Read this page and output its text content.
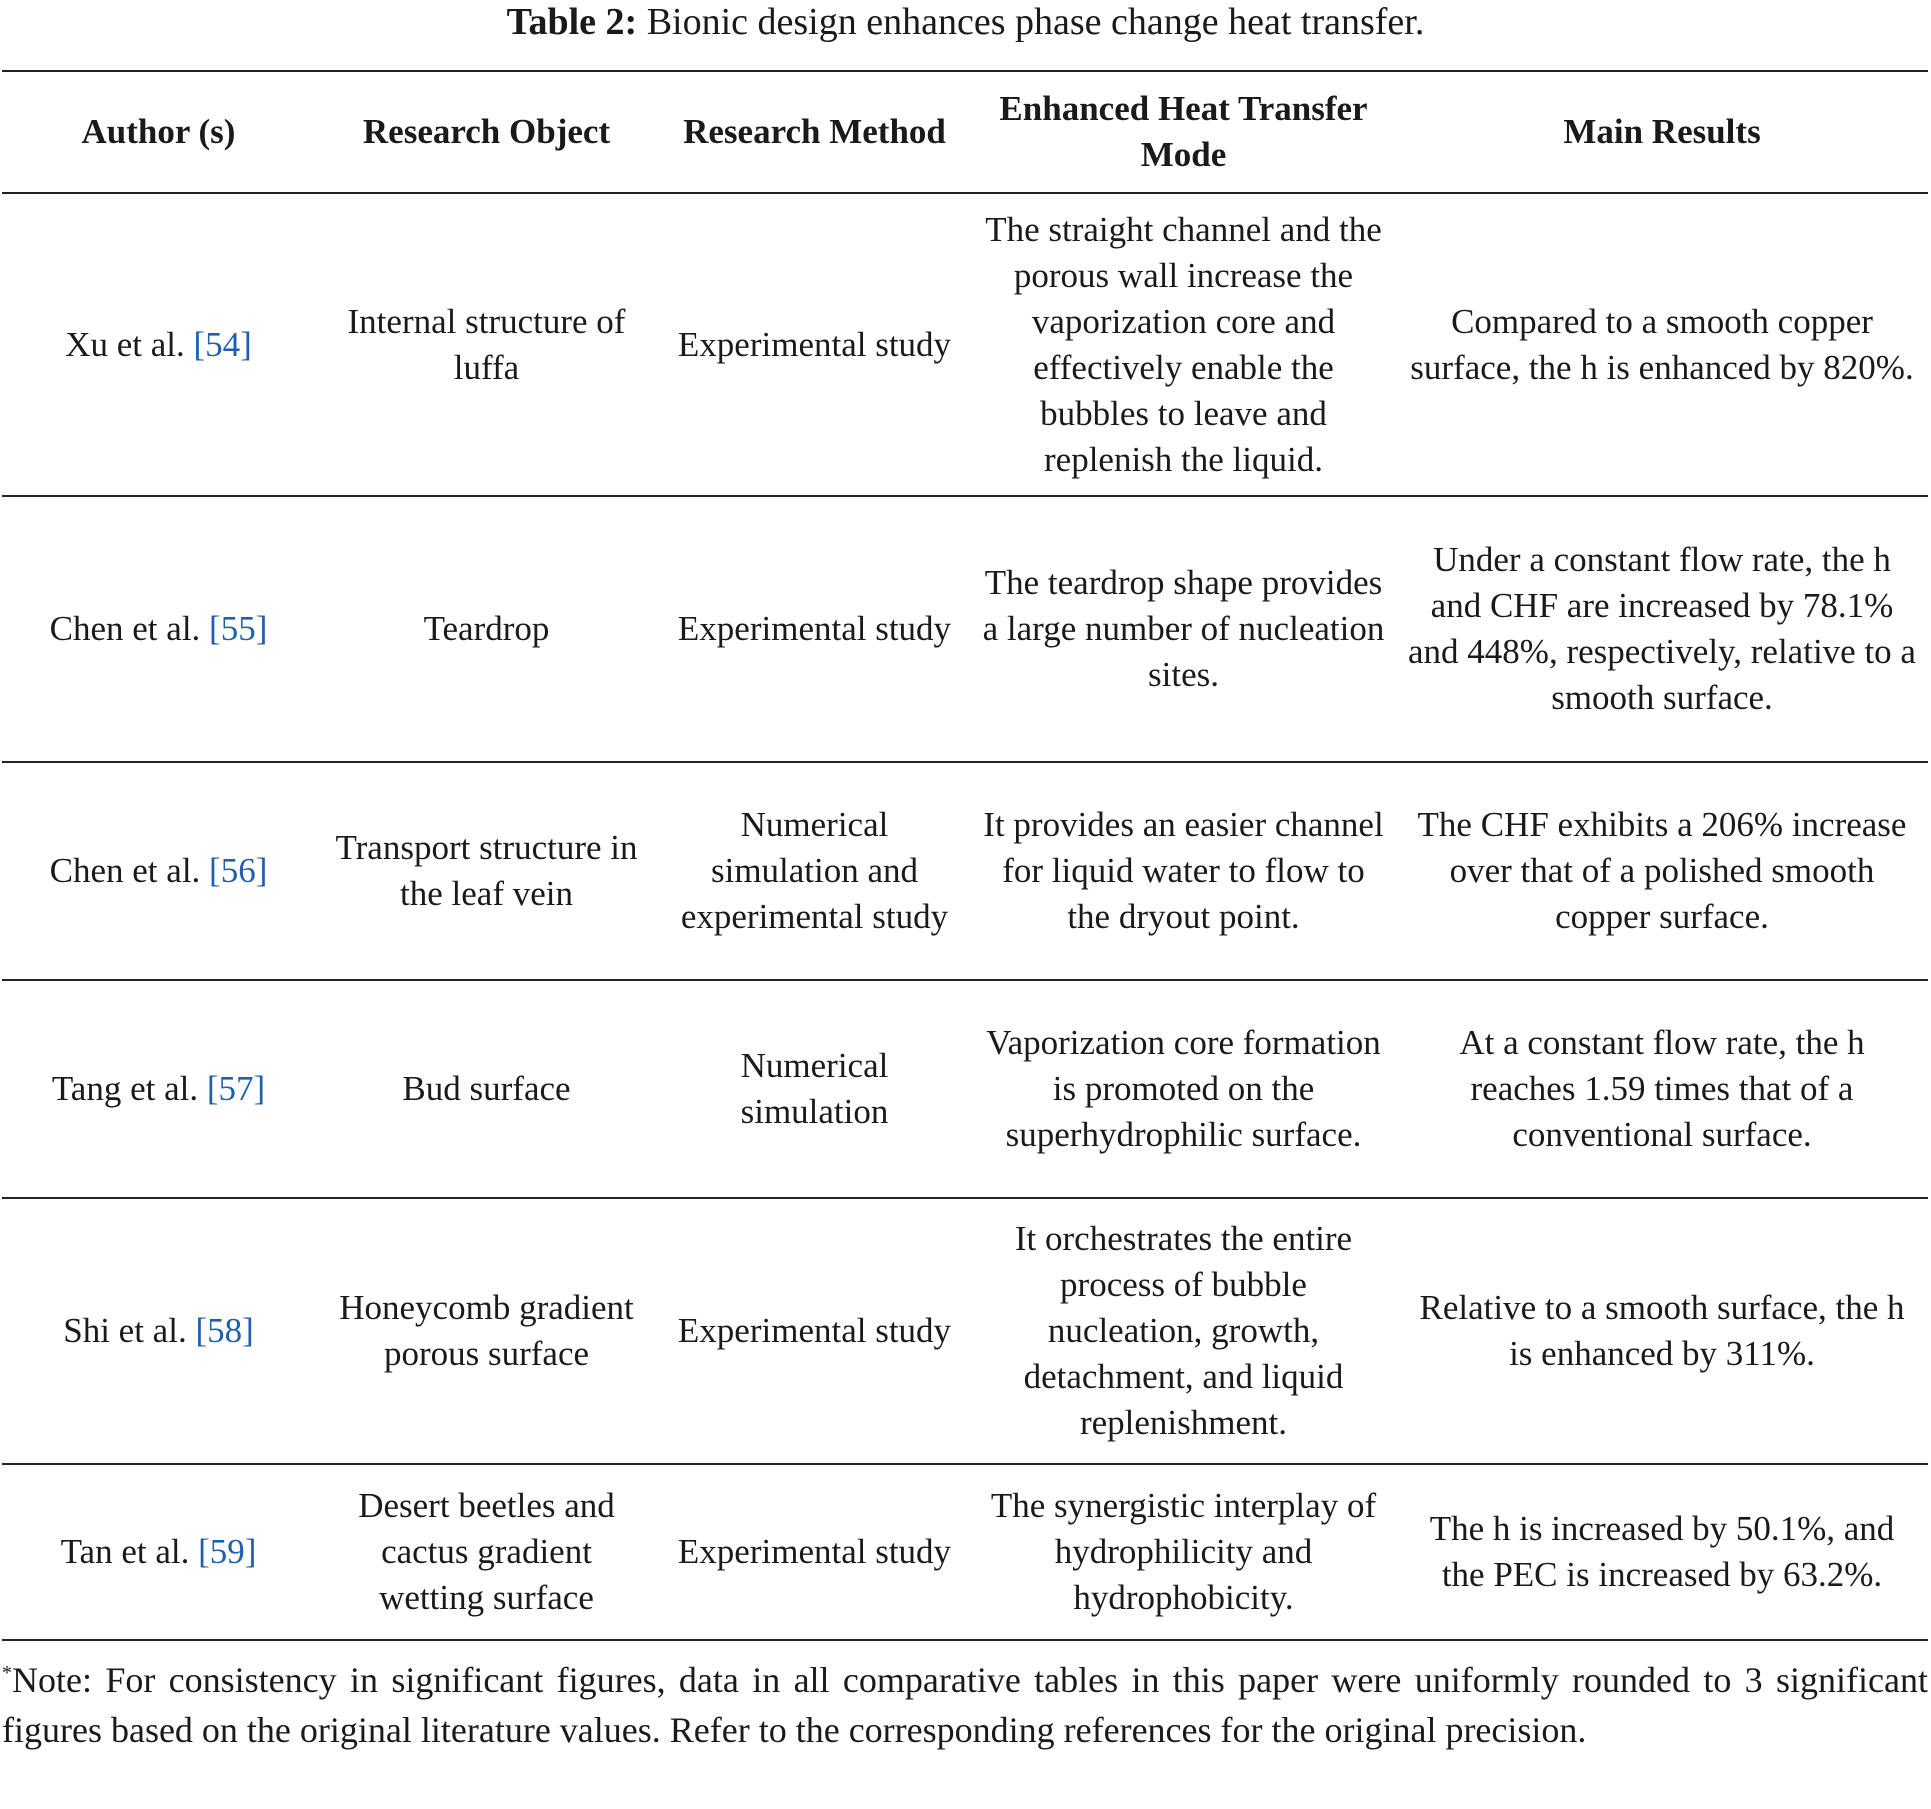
Table 2: Bionic design enhances phase change heat transfer.
Author (s)	Research Object	Research Method	Enhanced Heat Transfer Mode	Main Results
Xu et al. [54]	Internal structure of luffa	Experimental study	The straight channel and the porous wall increase the vaporization core and effectively enable the bubbles to leave and replenish the liquid.	Compared to a smooth copper surface, the h is enhanced by 820%.
Chen et al. [55]	Teardrop	Experimental study	The teardrop shape provides a large number of nucleation sites.	Under a constant flow rate, the h and CHF are increased by 78.1% and 448%, respectively, relative to a smooth surface.
Chen et al. [56]	Transport structure in the leaf vein	Numerical simulation and experimental study	It provides an easier channel for liquid water to flow to the dryout point.	The CHF exhibits a 206% increase over that of a polished smooth copper surface.
Tang et al. [57]	Bud surface	Numerical simulation	Vaporization core formation is promoted on the superhydrophilic surface.	At a constant flow rate, the h reaches 1.59 times that of a conventional surface.
Shi et al. [58]	Honeycomb gradient porous surface	Experimental study	It orchestrates the entire process of bubble nucleation, growth, detachment, and liquid replenishment.	Relative to a smooth surface, the h is enhanced by 311%.
Tan et al. [59]	Desert beetles and cactus gradient wetting surface	Experimental study	The synergistic interplay of hydrophilicity and hydrophobicity.	The h is increased by 50.1%, and the PEC is increased by 63.2%.
*Note: For consistency in significant figures, data in all comparative tables in this paper were uniformly rounded to 3 significant figures based on the original literature values. Refer to the corresponding references for the original precision.
